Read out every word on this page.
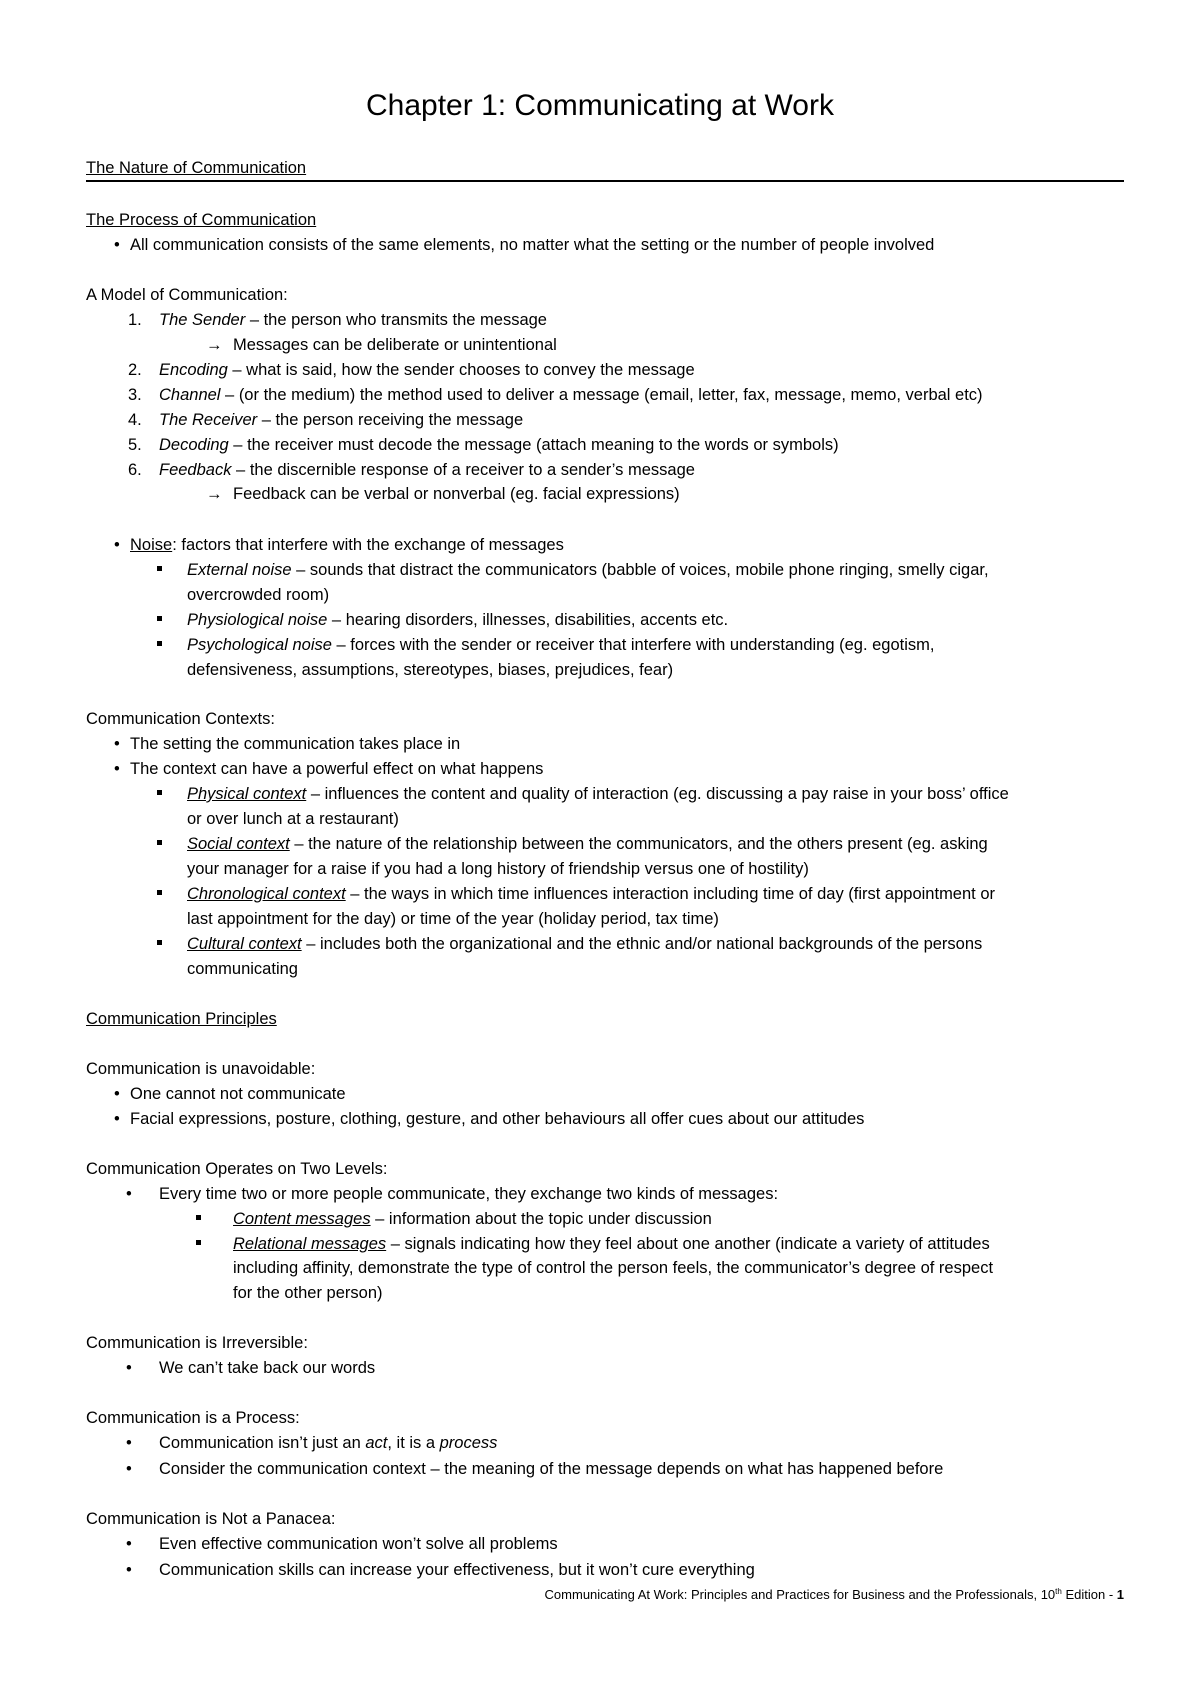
Chapter 1: Communicating at Work
The Nature of Communication
The Process of Communication
• All communication consists of the same elements, no matter what the setting or the number of people involved
A Model of Communication:
1. The Sender – the person who transmits the message
→ Messages can be deliberate or unintentional
2. Encoding – what is said, how the sender chooses to convey the message
3. Channel – (or the medium) the method used to deliver a message (email, letter, fax, message, memo, verbal etc)
4. The Receiver – the person receiving the message
5. Decoding – the receiver must decode the message (attach meaning to the words or symbols)
6. Feedback – the discernible response of a receiver to a sender’s message
→ Feedback can be verbal or nonverbal (eg. facial expressions)
• Noise: factors that interfere with the exchange of messages
External noise – sounds that distract the communicators (babble of voices, mobile phone ringing, smelly cigar,
overcrowded room)
Physiological noise – hearing disorders, illnesses, disabilities, accents etc.
Psychological noise – forces with the sender or receiver that interfere with understanding (eg. egotism,
defensiveness, assumptions, stereotypes, biases, prejudices, fear)
Communication Contexts:
• The setting the communication takes place in
• The context can have a powerful effect on what happens
Physical context – influences the content and quality of interaction (eg. discussing a pay raise in your boss’ office
or over lunch at a restaurant)
Social context – the nature of the relationship between the communicators, and the others present (eg. asking
your manager for a raise if you had a long history of friendship versus one of hostility)
Chronological context – the ways in which time influences interaction including time of day (first appointment or
last appointment for the day) or time of the year (holiday period, tax time)
Cultural context – includes both the organizational and the ethnic and/or national backgrounds of the persons
communicating
Communication Principles
Communication is unavoidable:
• One cannot not communicate
• Facial expressions, posture, clothing, gesture, and other behaviours all offer cues about our attitudes
Communication Operates on Two Levels:
• Every time two or more people communicate, they exchange two kinds of messages:
Content messages – information about the topic under discussion
Relational messages – signals indicating how they feel about one another (indicate a variety of attitudes
including affinity, demonstrate the type of control the person feels, the communicator’s degree of respect
for the other person)
Communication is Irreversible:
• We can’t take back our words
Communication is a Process:
• Communication isn’t just an act, it is a process
• Consider the communication context – the meaning of the message depends on what has happened before
Communication is Not a Panacea:
• Even effective communication won’t solve all problems
• Communication skills can increase your effectiveness, but it won’t cure everything
Communicating At Work: Principles and Practices for Business and the Professionals, 10th Edition - 1
